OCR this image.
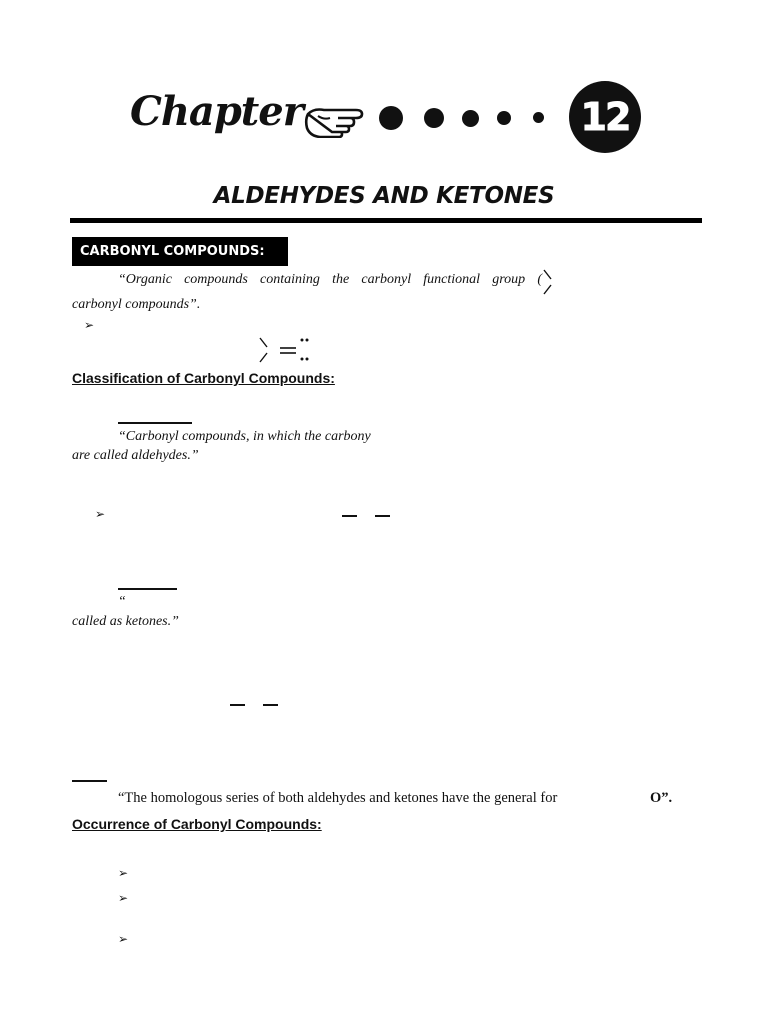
Chapter	12
ALDEHYDES AND KETONES
CARBONYL COMPOUNDS:
“Organic compounds containing the carbonyl functional group (
carbonyl compounds”.
➢
Classification of Carbonyl Compounds:
“Carbonyl compounds, in which the carbony
are called aldehydes.”
➢
“
called as ketones.”
“The homologous series of both aldehydes and ketones have the general for	O”.
Occurrence of Carbonyl Compounds:
➢
➢
➢
